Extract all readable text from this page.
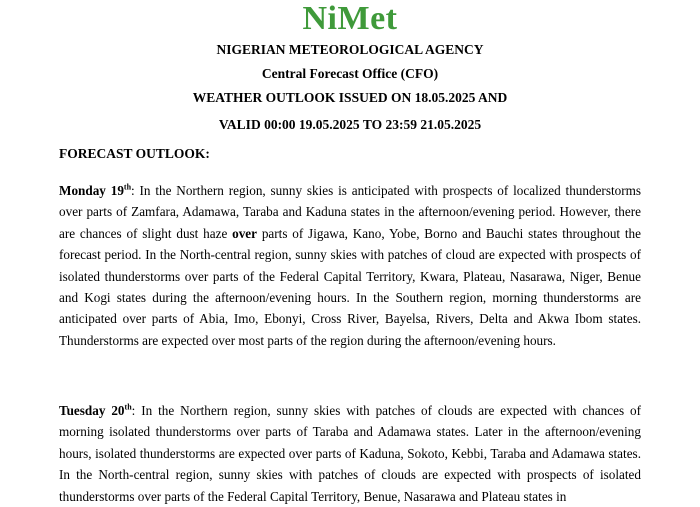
NiMet
NIGERIAN METEOROLOGICAL AGENCY
Central Forecast Office (CFO)
WEATHER OUTLOOK ISSUED ON 18.05.2025 AND
VALID 00:00 19.05.2025 TO 23:59 21.05.2025
FORECAST OUTLOOK:

Monday 19th: In the Northern region, sunny skies is anticipated with prospects of localized thunderstorms over parts of Zamfara, Adamawa, Taraba and Kaduna states in the afternoon/evening period. However, there are chances of slight dust haze over parts of Jigawa, Kano, Yobe, Borno and Bauchi states throughout the forecast period. In the North-central region, sunny skies with patches of cloud are expected with prospects of isolated thunderstorms over parts of the Federal Capital Territory, Kwara, Plateau, Nasarawa, Niger, Benue and Kogi states during the afternoon/evening hours. In the Southern region, morning thunderstorms are anticipated over parts of Abia, Imo, Ebonyi, Cross River, Bayelsa, Rivers, Delta and Akwa Ibom states. Thunderstorms are expected over most parts of the region during the afternoon/evening hours.

Tuesday 20th: In the Northern region, sunny skies with patches of clouds are expected with chances of morning isolated thunderstorms over parts of Taraba and Adamawa states. Later in the afternoon/evening hours, isolated thunderstorms are expected over parts of Kaduna, Sokoto, Kebbi, Taraba and Adamawa states. In the North-central region, sunny skies with patches of clouds are expected with prospects of isolated thunderstorms over parts of the Federal Capital Territory, Benue, Nasarawa and Plateau states in
